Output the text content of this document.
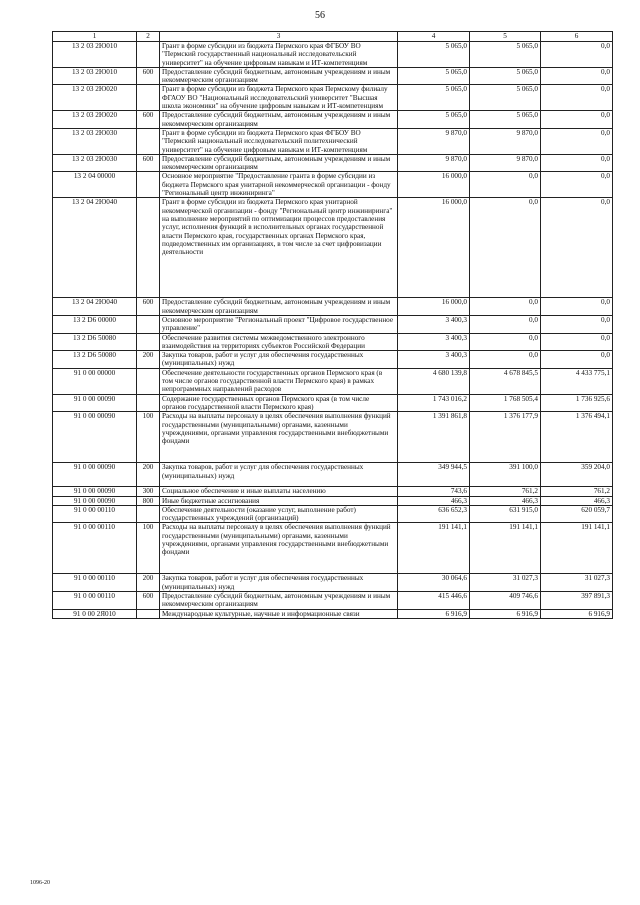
56
1	2	3	4	5	6
13 2 03 2Ю010		Грант в форме субсидии из бюджета Пермского края ФГБОУ ВО "Пермский государственный национальный исследовательский университет" на обучение цифровым навыкам и ИТ-компетенциям	5 065,0	5 065,0	0,0
13 2 03 2Ю010	600	Предоставление субсидий бюджетным, автономным учреждениям и иным некоммерческим организациям	5 065,0	5 065,0	0,0
13 2 03 2Ю020		Грант в форме субсидии из бюджета Пермского края Пермскому филиалу ФГАОУ ВО "Национальный исследовательский университет "Высшая школа экономики" на обучение цифровым навыкам и ИТ-компетенциям	5 065,0	5 065,0	0,0
13 2 03 2Ю020	600	Предоставление субсидий бюджетным, автономным учреждениям и иным некоммерческим организациям	5 065,0	5 065,0	0,0
13 2 03 2Ю030		Грант в форме субсидии из бюджета Пермского края ФГБОУ ВО "Пермский национальный исследовательский политехнический университет" на обучение цифровым навыкам и ИТ-компетенциям	9 870,0	9 870,0	0,0
13 2 03 2Ю030	600	Предоставление субсидий бюджетным, автономным учреждениям и иным некоммерческим организациям	9 870,0	9 870,0	0,0
13 2 04 00000		Основное мероприятие "Предоставление гранта в форме субсидии из бюджета Пермского края унитарной некоммерческой организации - фонду "Региональный центр инжиниринга"	16 000,0	0,0	0,0
13 2 04 2Ю040		Грант в форме субсидии из бюджета Пермского края унитарной некоммерческой организации - фонду "Региональный центр инжиниринга" на выполнение мероприятий по оптимизации процессов предоставления услуг, исполнения функций в исполнительных органах государственной власти Пермского края, государственных органах Пермского края, подведомственных им организациях, в том числе за счет цифровизации деятельности	16 000,0	0,0	0,0
13 2 04 2Ю040	600	Предоставление субсидий бюджетным, автономным учреждениям и иным некоммерческим организациям	16 000,0	0,0	0,0
13 2 D6 00000		Основное мероприятие "Региональный проект "Цифровое государственное управление"	3 400,3	0,0	0,0
13 2 D6 50080		Обеспечение развития системы межведомственного электронного взаимодействия на территориях субъектов Российской Федерации	3 400,3	0,0	0,0
13 2 D6 50080	200	Закупка товаров, работ и услуг для обеспечения государственных (муниципальных) нужд	3 400,3	0,0	0,0
91 0 00 00000		Обеспечение деятельности государственных органов Пермского края (в том числе органов государственной власти Пермского края) в рамках непрограммных направлений расходов	4 680 139,8	4 678 845,5	4 433 775,1
91 0 00 00090		Содержание государственных органов Пермского края (в том числе органов государственной власти Пермского края)	1 743 016,2	1 768 505,4	1 736 925,6
91 0 00 00090	100	Расходы на выплаты персоналу в целях обеспечения выполнения функций государственными (муниципальными) органами, казенными учреждениями, органами управления государственными внебюджетными фондами	1 391 861,8	1 376 177,9	1 376 494,1
91 0 00 00090	200	Закупка товаров, работ и услуг для обеспечения государственных (муниципальных) нужд	349 944,5	391 100,0	359 204,0
91 0 00 00090	300	Социальное обеспечение и иные выплаты населению	743,6	761,2	761,2
91 0 00 00090	800	Иные бюджетные ассигнования	466,3	466,3	466,3
91 0 00 00110		Обеспечение деятельности (оказание услуг, выполнение работ) государственных учреждений (организаций)	636 652,3	631 915,0	620 059,7
91 0 00 00110	100	Расходы на выплаты персоналу в целях обеспечения выполнения функций государственными (муниципальными) органами, казенными учреждениями, органами управления государственными внебюджетными фондами	191 141,1	191 141,1	191 141,1
91 0 00 00110	200	Закупка товаров, работ и услуг для обеспечения государственных (муниципальных) нужд	30 064,6	31 027,3	31 027,3
91 0 00 00110	600	Предоставление субсидий бюджетным, автономным учреждениям и иным некоммерческим организациям	415 446,6	409 746,6	397 891,3
91 0 00 2Я010		Международные культурные, научные и информационные связи	6 916,9	6 916,9	6 916,9
1096-20
